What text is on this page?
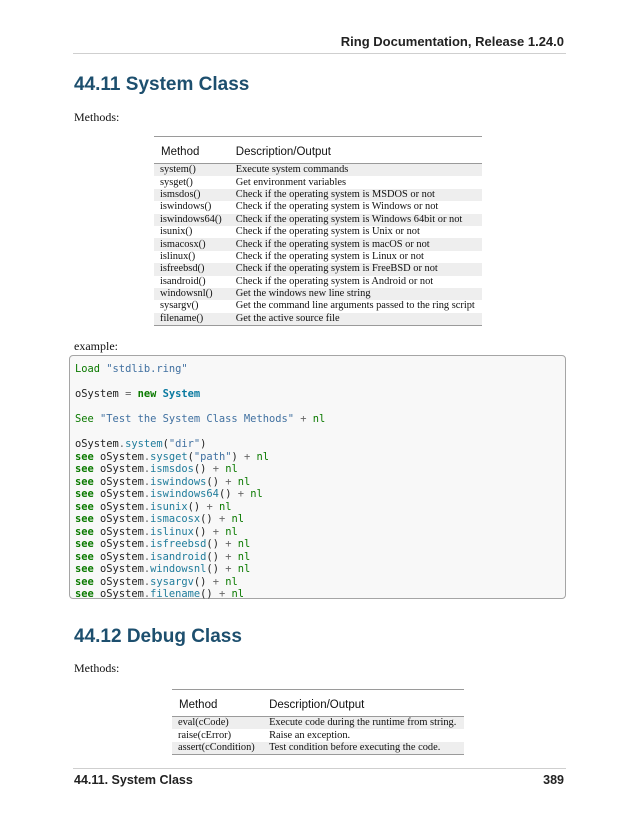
Ring Documentation, Release 1.24.0
44.11 System Class
Methods:
Method	Description/Output
system()	Execute system commands
sysget()	Get environment variables
ismsdos()	Check if the operating system is MSDOS or not
iswindows()	Check if the operating system is Windows or not
iswindows64()	Check if the operating system is Windows 64bit or not
isunix()	Check if the operating system is Unix or not
ismacosx()	Check if the operating system is macOS or not
islinux()	Check if the operating system is Linux or not
isfreebsd()	Check if the operating system is FreeBSD or not
isandroid()	Check if the operating system is Android or not
windowsnl()	Get the windows new line string
sysargv()	Get the command line arguments passed to the ring script
filename()	Get the active source file
example:
Load "stdlib.ring"
oSystem = new System
See "Test the System Class Methods" + nl
oSystem.system("dir")
see oSystem.sysget("path") + nl
see oSystem.ismsdos() + nl
see oSystem.iswindows() + nl
see oSystem.iswindows64() + nl
see oSystem.isunix() + nl
see oSystem.ismacosx() + nl
see oSystem.islinux() + nl
see oSystem.isfreebsd() + nl
see oSystem.isandroid() + nl
see oSystem.windowsnl() + nl
see oSystem.sysargv() + nl
see oSystem.filename() + nl
44.12 Debug Class
Methods:
Method	Description/Output
eval(cCode)	Execute code during the runtime from string.
raise(cError)	Raise an exception.
assert(cCondition)	Test condition before executing the code.
44.11. System Class	389
